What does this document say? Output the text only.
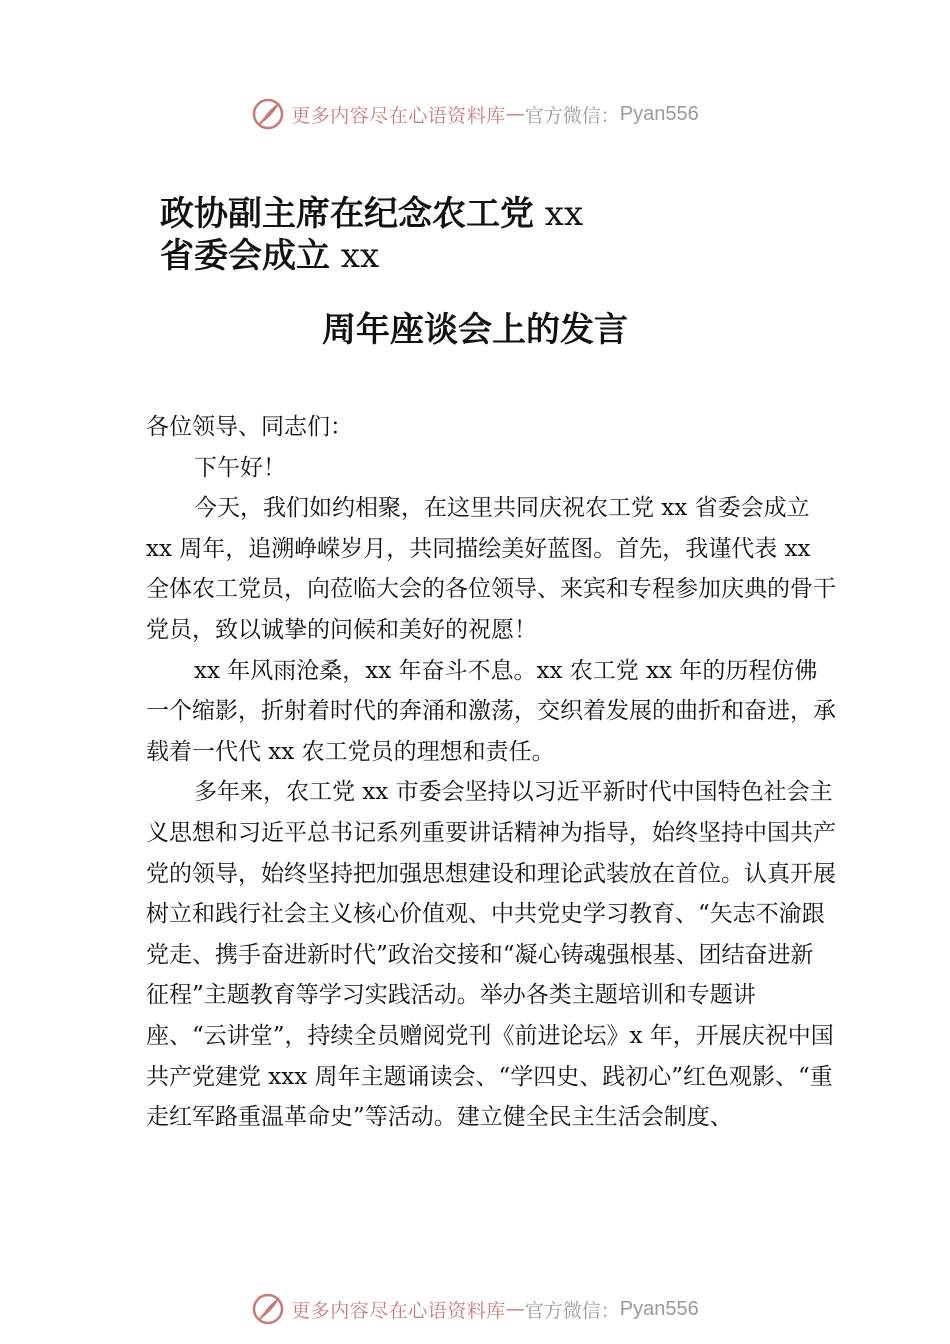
更多内容尽在心语资料库 — 官方微信： Pyan556
政协副主席在纪念农工党 xx
省委会成立 xx
周年座谈会上的发言

各位领导、同志们：

下午好！

今天，我们如约相聚，在这里共同庆祝农工党 xx 省委会成立 xx 周年，追溯峥嵘岁月，共同描绘美好蓝图。首先，我谨代表 xx 全体农工党员，向莅临大会的各位领导、来宾和专程参加庆典的骨干党员，致以诚挚的问候和美好的祝愿！

xx 年风雨沧桑，xx 年奋斗不息。xx 农工党 xx 年的历程仿佛一个缩影，折射着时代的奔涌和激荡，交织着发展的曲折和奋进，承载着一代代 xx 农工党员的理想和责任。

多年来，农工党 xx 市委会坚持以习近平新时代中国特色社会主义思想和习近平总书记系列重要讲话精神为指导，始终坚持中国共产党的领导，始终坚持把加强思想建设和理论武装放在首位。认真开展树立和践行社会主义核心价值观、中共党史学习教育、“矢志不渝跟党走、携手奋进新时代”政治交接和“凝心铸魂强根基、团结奋进新征程”主题教育等学习实践活动。举办各类主题培训和专题讲座、“云讲堂”，持续全员赠阅党刊《前进论坛》x 年，开展庆祝中国共产党建党 xxx 周年主题诵读会、“学四史、践初心”红色观影、“重走红军路重温革命史”等活动。建立健全民主生活会制度、

更多内容尽在心语资料库 — 官方微信： Pyan556
